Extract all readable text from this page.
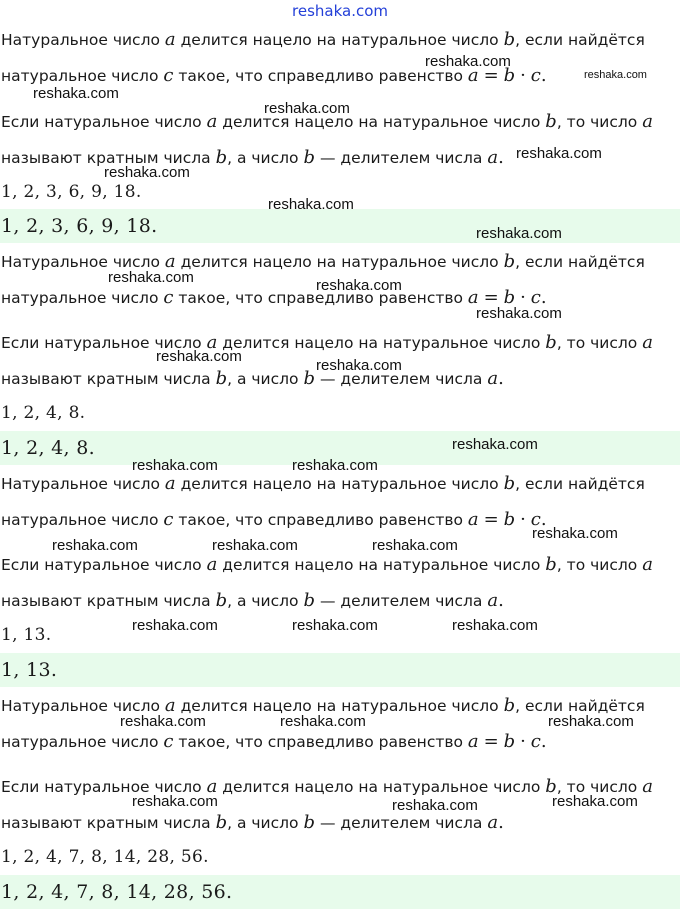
reshaka.com
Натуральное число a делится нацело на натуральное число b, если найдётся
натуральное число c такое, что справедливо равенство a = b · c.
Если натуральное число a делится нацело на натуральное число b, то число a
называют кратным числа b, а число b — делителем числа a.
1, 2, 3, 6, 9, 18.
1, 2, 3, 6, 9, 18.
Натуральное число a делится нацело на натуральное число b, если найдётся
натуральное число c такое, что справедливо равенство a = b · c.
Если натуральное число a делится нацело на натуральное число b, то число a
называют кратным числа b, а число b — делителем числа a.
1, 2, 4, 8.
1, 2, 4, 8.
Натуральное число a делится нацело на натуральное число b, если найдётся
натуральное число c такое, что справедливо равенство a = b · c.
Если натуральное число a делится нацело на натуральное число b, то число a
называют кратным числа b, а число b — делителем числа a.
1, 13.
1, 13.
Натуральное число a делится нацело на натуральное число b, если найдётся
натуральное число c такое, что справедливо равенство a = b · c.
Если натуральное число a делится нацело на натуральное число b, то число a
называют кратным числа b, а число b — делителем числа a.
1, 2, 4, 7, 8, 14, 28, 56.
1, 2, 4, 7, 8, 14, 28, 56.
reshaka.com
reshaka.com
reshaka.com
reshaka.com
reshaka.com
reshaka.com
reshaka.com
reshaka.com
reshaka.com	reshaka.com
reshaka.com
reshaka.com
reshaka.com
reshaka.com
reshaka.com	reshaka.com
reshaka.com
reshaka.com	reshaka.com	reshaka.com
reshaka.com	reshaka.com	reshaka.com
reshaka.com	reshaka.com	reshaka.com
reshaka.com	reshaka.com	reshaka.com
